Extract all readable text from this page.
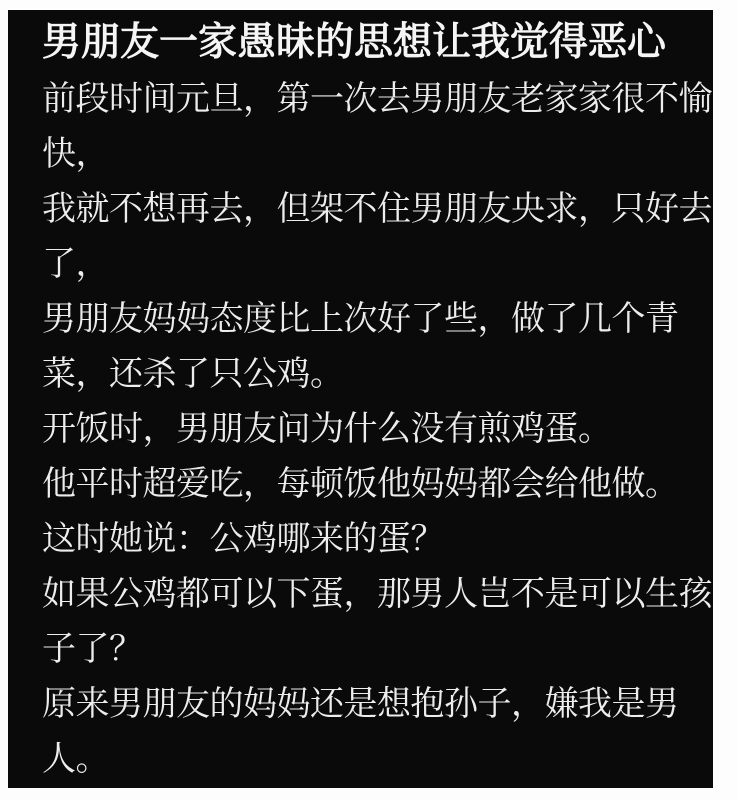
男朋友一家愚昧的思想让我觉得恶心
前段时间元旦，第一次去男朋友老家家很不愉
快，
我就不想再去，但架不住男朋友央求，只好去
了，
男朋友妈妈态度比上次好了些，做了几个青
菜，还杀了只公鸡。
开饭时，男朋友问为什么没有煎鸡蛋。
他平时超爱吃，每顿饭他妈妈都会给他做。
这时她说：公鸡哪来的蛋？
如果公鸡都可以下蛋，那男人岂不是可以生孩
子了？
原来男朋友的妈妈还是想抱孙子，嫌我是男
人。
